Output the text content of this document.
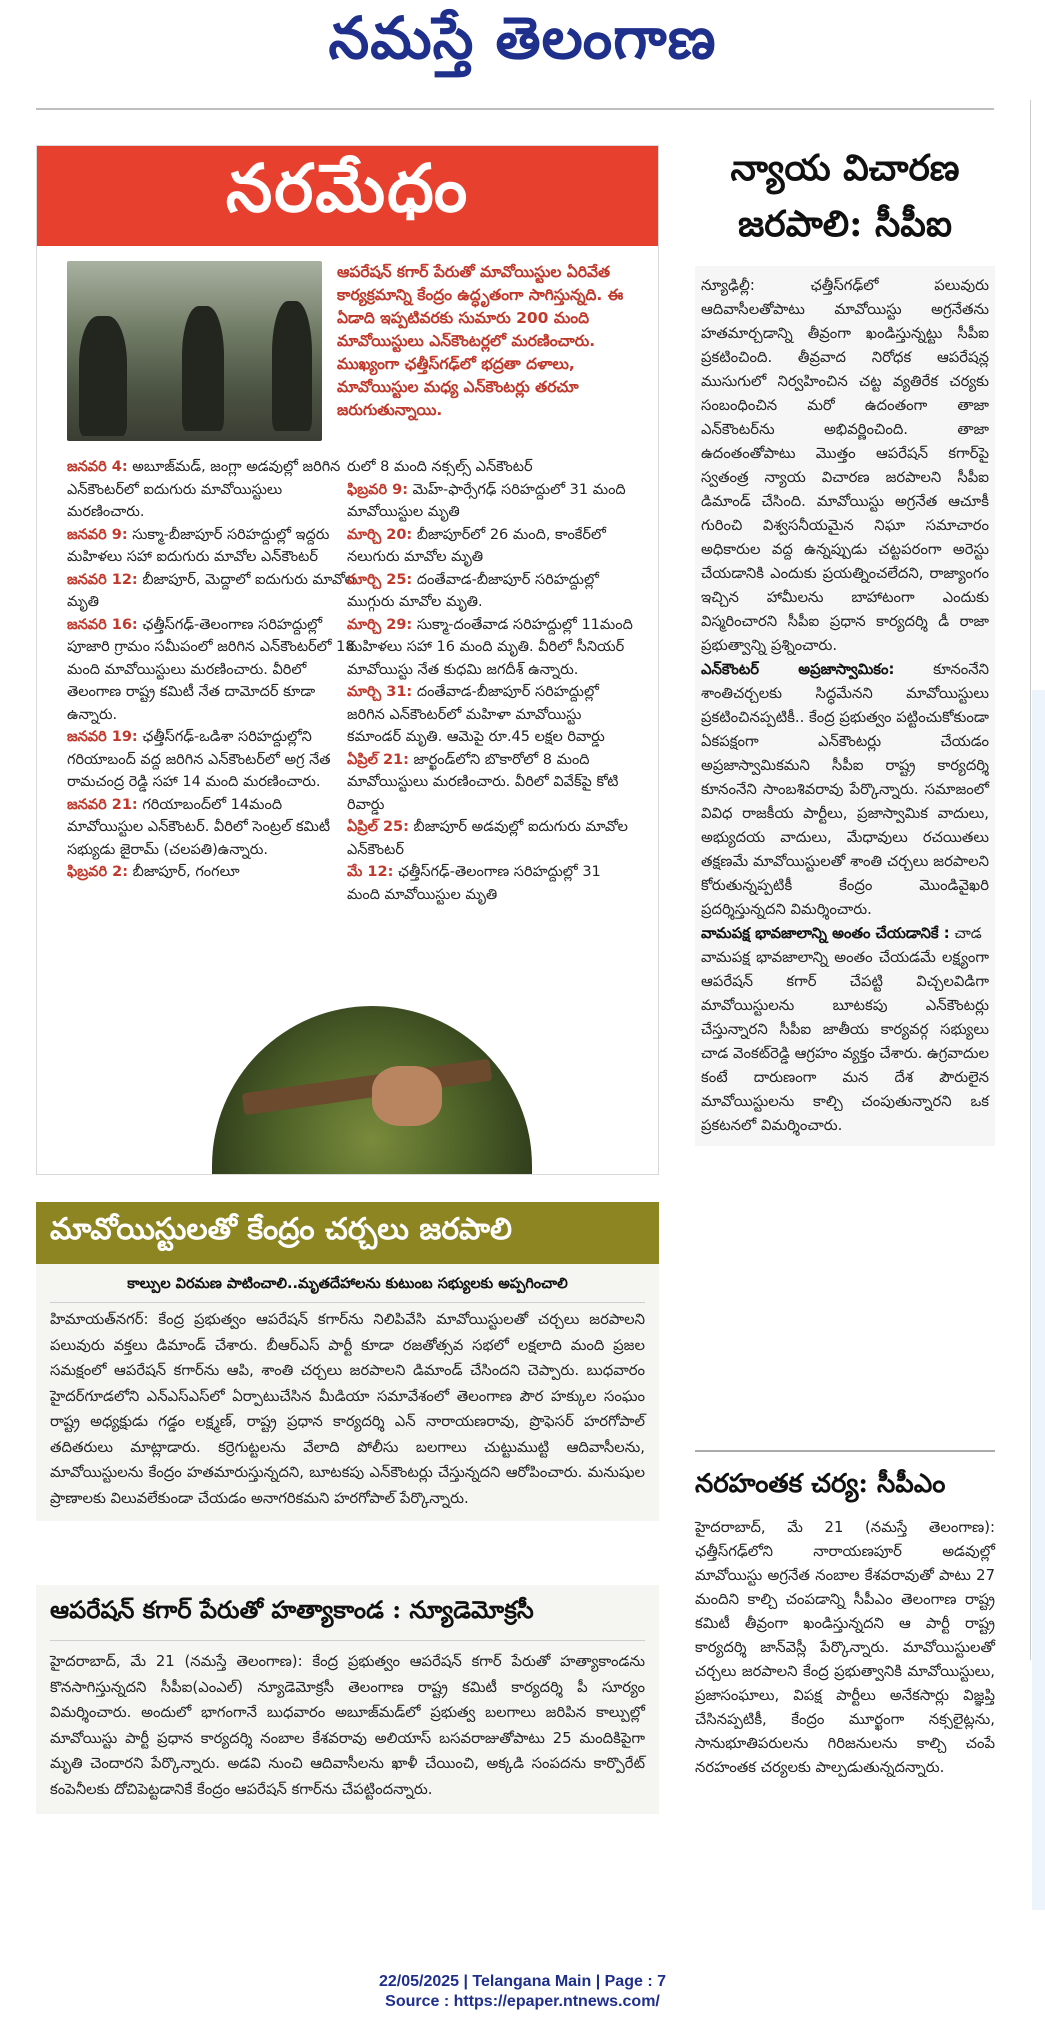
నమస్తే తెలంగాణ
నరమేధం
ఆపరేషన్ కగార్ పేరుతో మావోయిస్టుల ఏరివేత కార్యక్రమాన్ని కేంద్రం ఉద్ధృతంగా సాగిస్తున్నది. ఈ ఏడాది ఇప్పటివరకు సుమారు 200 మంది మావోయిస్టులు ఎన్‌కౌంటర్లలో మరణించారు. ముఖ్యంగా ఛత్తీస్‌గఢ్‌లో భద్రతా దళాలు, మావోయిస్టుల మధ్య ఎన్‌కౌంటర్లు తరచూ జరుగుతున్నాయి.
జనవరి 4: అబూజ్‌మడ్, జంగ్లా అడవుల్లో జరిగిన ఎన్‌కౌంటర్‌లో ఐదుగురు మావోయిస్టులు మరణించారు.
జనవరి 9: సుక్మా-బీజాపూర్ సరిహద్దుల్లో ఇద్దరు మహిళలు సహా ఐదుగురు మావోల ఎన్‌కౌంటర్
జనవరి 12: బీజాపూర్, మెద్దాలో ఐదుగురు మావోల మృతి
జనవరి 16: ఛత్తీస్‌గఢ్-తెలంగాణ సరిహద్దుల్లో పూజారి గ్రామం సమీపంలో జరిగిన ఎన్‌కౌంటర్‌లో 18 మంది మావోయిస్టులు మరణించారు. వీరిలో తెలంగాణ రాష్ట్ర కమిటీ నేత దామోదర్ కూడా ఉన్నారు.
జనవరి 19: ఛత్తీస్‌గఢ్-ఒడిశా సరిహద్దుల్లోని గరియాబంద్ వద్ద జరిగిన ఎన్‌కౌంటర్‌లో అగ్ర నేత రామచంద్ర రెడ్డి సహా 14 మంది మరణించారు.
జనవరి 21: గరియాబంద్‌లో 14మంది మావోయిస్టుల ఎన్‌కౌంటర్. వీరిలో సెంట్రల్ కమిటీ సభ్యుడు జైరామ్ (చలపతి)ఉన్నారు.
ఫిబ్రవరి 2: బీజాపూర్, గంగలూ
రులో 8 మంది నక్సల్స్ ఎన్‌కౌంటర్
ఫిబ్రవరి 9: మెహ్‌-ఫార్సేగఢ్ సరిహద్దులో 31 మంది మావోయిస్టుల మృతి
మార్చి 20: బీజాపూర్‌లో 26 మంది, కాంకేర్‌లో నలుగురు మావోల మృతి
మార్చి 25: దంతేవాడ-బీజాపూర్ సరిహద్దుల్లో ముగ్గురు మావోల మృతి.
మార్చి 29: సుక్మా-దంతేవాడ సరిహద్దుల్లో 11మంది మహిళలు సహా 16 మంది మృతి. వీరిలో సీనియర్ మావోయిస్టు నేత కుధమి జగదీశ్ ఉన్నారు.
మార్చి 31: దంతేవాడ-బీజాపూర్ సరిహద్దుల్లో జరిగిన ఎన్‌కౌంటర్‌లో మహిళా మావోయిస్టు కమాండర్ మృతి. ఆమెపై రూ.45 లక్షల రివార్డు
ఏప్రిల్ 21: జార్ఖండ్‌లోని బొకారోలో 8 మంది మావోయిస్టులు మరణించారు. వీరిలో వివేక్‌పై కోటి రివార్డు
ఏప్రిల్ 25: బీజాపూర్ అడవుల్లో ఐదుగురు మావోల ఎన్‌కౌంటర్
మే 12: ఛత్తీస్‌గఢ్-తెలంగాణ సరిహద్దుల్లో 31 మంది మావోయిస్టుల మృతి
న్యాయ విచారణ జరపాలి: సీపీఐ
న్యూఢిల్లీ: ఛత్తీస్‌గఢ్‌లో పలువురు ఆదివాసీలతోపాటు మావోయిస్టు అగ్రనేతను హతమార్చడాన్ని తీవ్రంగా ఖండిస్తున్నట్టు సీపీఐ ప్రకటించింది. తీవ్రవాద నిరోధక ఆపరేషన్ల ముసుగులో నిర్వహించిన చట్ట వ్యతిరేక చర్యకు సంబంధించిన మరో ఉదంతంగా తాజా ఎన్‌కౌంటర్‌ను అభివర్ణించింది. తాజా ఉదంతంతోపాటు మొత్తం ఆపరేషన్ కగార్‌పై స్వతంత్ర న్యాయ విచారణ జరపాలని సీపీఐ డిమాండ్ చేసింది. మావోయిస్టు అగ్రనేత ఆచూకీ గురించి విశ్వసనీయమైన నిఘా సమాచారం అధికారుల వద్ద ఉన్నప్పుడు చట్టపరంగా అరెస్టు చేయడానికి ఎందుకు ప్రయత్నించలేదని, రాజ్యాంగం ఇచ్చిన హామీలను బాహాటంగా ఎందుకు విస్మరించారని సీపీఐ ప్రధాన కార్యదర్శి డీ రాజా ప్రభుత్వాన్ని ప్రశ్నించారు.
ఎన్‌కౌంటర్ అప్రజాస్వామికం:	కూనంనేని శాంతిచర్చలకు సిద్ధమేనని మావోయిస్టులు ప్రకటించినప్పటికీ.. కేంద్ర ప్రభుత్వం పట్టించుకోకుండా ఏకపక్షంగా ఎన్‌కౌంటర్లు చేయడం అప్రజాస్వామికమని సీపీఐ రాష్ట్ర కార్యదర్శి కూనంనేని సాంబశివరావు పేర్కొన్నారు. సమాజంలో వివిధ రాజకీయ పార్టీలు, ప్రజాస్వామిక వాదులు, అభ్యుదయ వాదులు, మేధావులు రచయితలు తక్షణమే మావోయిస్టులతో శాంతి చర్చలు జరపాలని కోరుతున్నప్పటికీ కేంద్రం మొండివైఖరి ప్రదర్శిస్తున్నదని విమర్శించారు.
వామపక్ష భావజాలాన్ని అంతం చేయడానికే : చాడ
వామపక్ష భావజాలాన్ని అంతం చేయడమే లక్ష్యంగా ఆపరేషన్ కగార్ చేపట్టి విచ్చలవిడిగా మావోయిస్టులను బూటకపు ఎన్‌కౌంటర్లు చేస్తున్నారని సీపీఐ జాతీయ కార్యవర్గ సభ్యులు చాడ వెంకట్‌రెడ్డి ఆగ్రహం వ్యక్తం చేశారు. ఉగ్రవాదుల కంటే దారుణంగా మన దేశ పౌరులైన మావోయిస్టులను కాల్చి చంపుతున్నారని ఒక ప్రకటనలో విమర్శించారు.
నరహంతక చర్య: సీపీఎం
హైదరాబాద్, మే 21 (నమస్తే తెలంగాణ): ఛత్తీస్‌గఢ్‌లోని నారాయణపూర్ అడవుల్లో మావోయిస్టు అగ్రనేత నంబాల కేశవరావుతో పాటు 27 మందిని కాల్చి చంపడాన్ని సీపీఎం తెలంగాణ రాష్ట్ర కమిటీ తీవ్రంగా ఖండిస్తున్నదని ఆ పార్టీ రాష్ట్ర కార్యదర్శి జాన్‌వెస్లీ పేర్కొన్నారు. మావోయిస్టులతో చర్చలు జరపాలని కేంద్ర ప్రభుత్వానికి మావోయిస్టులు, ప్రజాసంఘాలు, విపక్ష పార్టీలు అనేకసార్లు విజ్ఞప్తి చేసినప్పటికీ, కేంద్రం మూర్ఖంగా నక్సలైట్లను, సానుభూతిపరులను గిరిజనులను కాల్చి చంపే నరహంతక చర్యలకు పాల్పడుతున్నదన్నారు.
మావోయిస్టులతో కేంద్రం చర్చలు జరపాలి
కాల్పుల విరమణ పాటించాలి..మృతదేహాలను కుటుంబ సభ్యులకు అప్పగించాలి
హిమాయత్‌నగర్: కేంద్ర ప్రభుత్వం ఆపరేషన్ కగార్‌ను నిలిపివేసి మావోయిస్టులతో చర్చలు జరపాలని పలువురు వక్తలు డిమాండ్ చేశారు. బీఆర్‌ఎస్ పార్టీ కూడా రజతోత్సవ సభలో లక్షలాది మంది ప్రజల సమక్షంలో ఆపరేషన్ కగార్‌ను ఆపి, శాంతి చర్చలు జరపాలని డిమాండ్ చేసిందని చెప్పారు. బుధవారం హైదర్‌గూడలోని ఎన్‌ఎస్‌ఎస్‌లో ఏర్పాటుచేసిన మీడియా సమావేశంలో తెలంగాణ పౌర హక్కుల సంఘం రాష్ట్ర అధ్యక్షుడు గడ్డం లక్ష్మణ్, రాష్ట్ర ప్రధాన కార్యదర్శి ఎన్ నారాయణరావు, ప్రొఫెసర్ హరగోపాల్ తదితరులు మాట్లాడారు. కర్రెగుట్టలను వేలాది పోలీసు బలగాలు చుట్టుముట్టి ఆదివాసీలను, మావోయిస్టులను కేంద్రం హతమారుస్తున్నదని, బూటకపు ఎన్‌కౌంటర్లు చేస్తున్నదని ఆరోపించారు. మనుషుల ప్రాణాలకు విలువలేకుండా చేయడం అనాగరికమని హరగోపాల్ పేర్కొన్నారు.
ఆపరేషన్ కగార్ పేరుతో హత్యాకాండ : న్యూడెమోక్రసీ
హైదరాబాద్, మే 21 (నమస్తే తెలంగాణ): కేంద్ర ప్రభుత్వం ఆపరేషన్ కగార్ పేరుతో హత్యాకాండను కొనసాగిస్తున్నదని సీపీఐ(ఎంఎల్) న్యూడెమోక్రసీ తెలంగాణ రాష్ట్ర కమిటీ కార్యదర్శి పీ సూర్యం విమర్శించారు. అందులో భాగంగానే బుధవారం అబూజ్‌మడ్‌లో ప్రభుత్వ బలగాలు జరిపిన కాల్పుల్లో మావోయిస్టు పార్టీ ప్రధాన కార్యదర్శి నంబాల కేశవరావు అలియాస్ బసవరాజుతోపాటు 25 మందికిపైగా మృతి చెందారని పేర్కొన్నారు. అడవి నుంచి ఆదివాసీలను ఖాళీ చేయించి, అక్కడి సంపదను కార్పొరేట్ కంపెనీలకు దోచిపెట్టడానికే కేంద్రం ఆపరేషన్ కగార్‌ను చేపట్టిందన్నారు.
22/05/2025 | Telangana Main | Page : 7
Source : https://epaper.ntnews.com/
